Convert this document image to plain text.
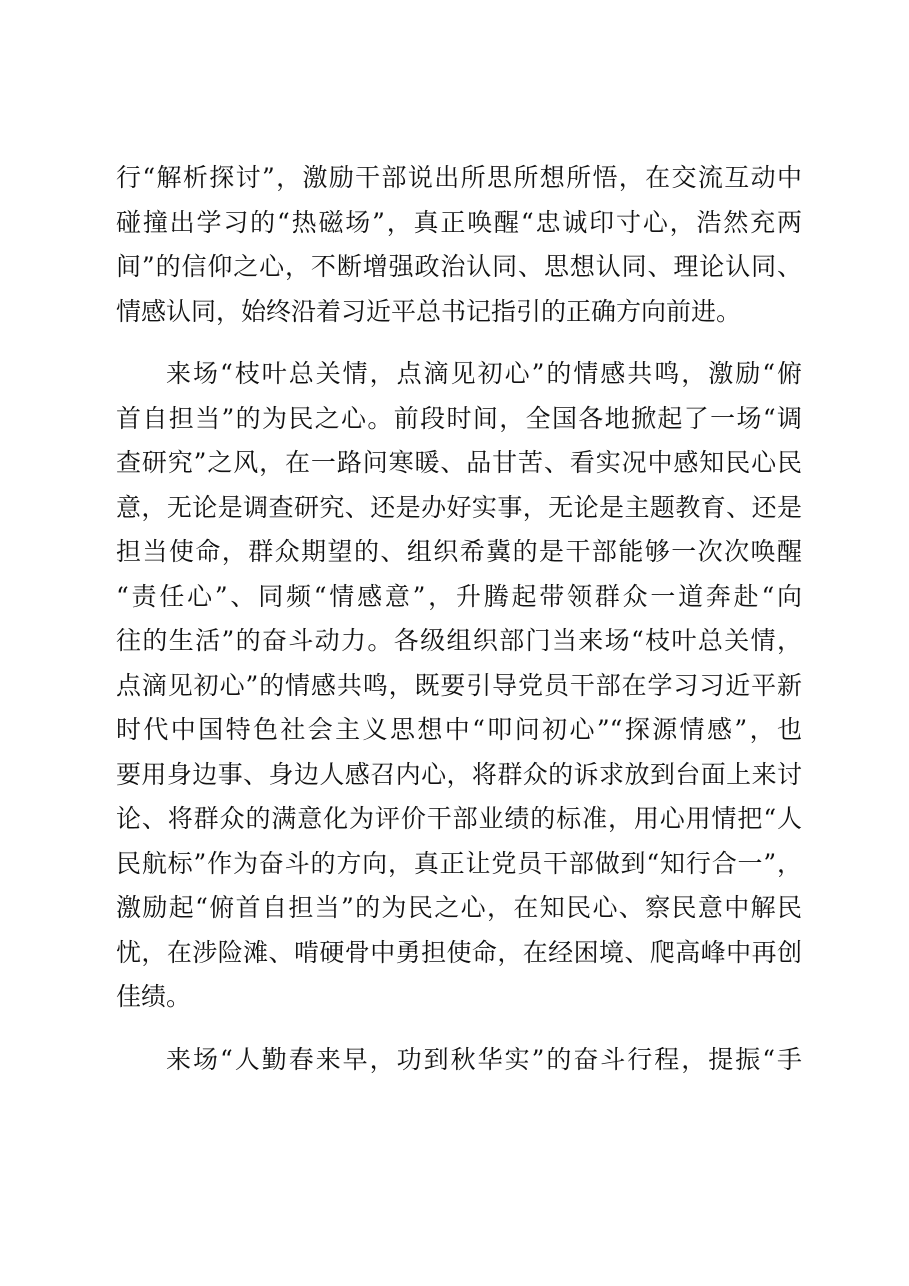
行“解析探讨”，激励干部说出所思所想所悟，在交流互动中
碰撞出学习的“热磁场”，真正唤醒“忠诚印寸心，浩然充两
间”的信仰之心，不断增强政治认同、思想认同、理论认同、
情感认同，始终沿着习近平总书记指引的正确方向前进。
来场“枝叶总关情，点滴见初心”的情感共鸣，激励“俯
首自担当”的为民之心。前段时间，全国各地掀起了一场“调
查研究”之风，在一路问寒暖、品甘苦、看实况中感知民心民
意，无论是调查研究、还是办好实事，无论是主题教育、还是
担当使命，群众期望的、组织希冀的是干部能够一次次唤醒
“责任心”、同频“情感意”，升腾起带领群众一道奔赴“向
往的生活”的奋斗动力。各级组织部门当来场“枝叶总关情，
点滴见初心”的情感共鸣，既要引导党员干部在学习习近平新
时代中国特色社会主义思想中“叩问初心”“探源情感”，也
要用身边事、身边人感召内心，将群众的诉求放到台面上来讨
论、将群众的满意化为评价干部业绩的标准，用心用情把“人
民航标”作为奋斗的方向，真正让党员干部做到“知行合一”，
激励起“俯首自担当”的为民之心，在知民心、察民意中解民
忧，在涉险滩、啃硬骨中勇担使命，在经困境、爬高峰中再创
佳绩。
来场“人勤春来早，功到秋华实”的奋斗行程，提振“手
